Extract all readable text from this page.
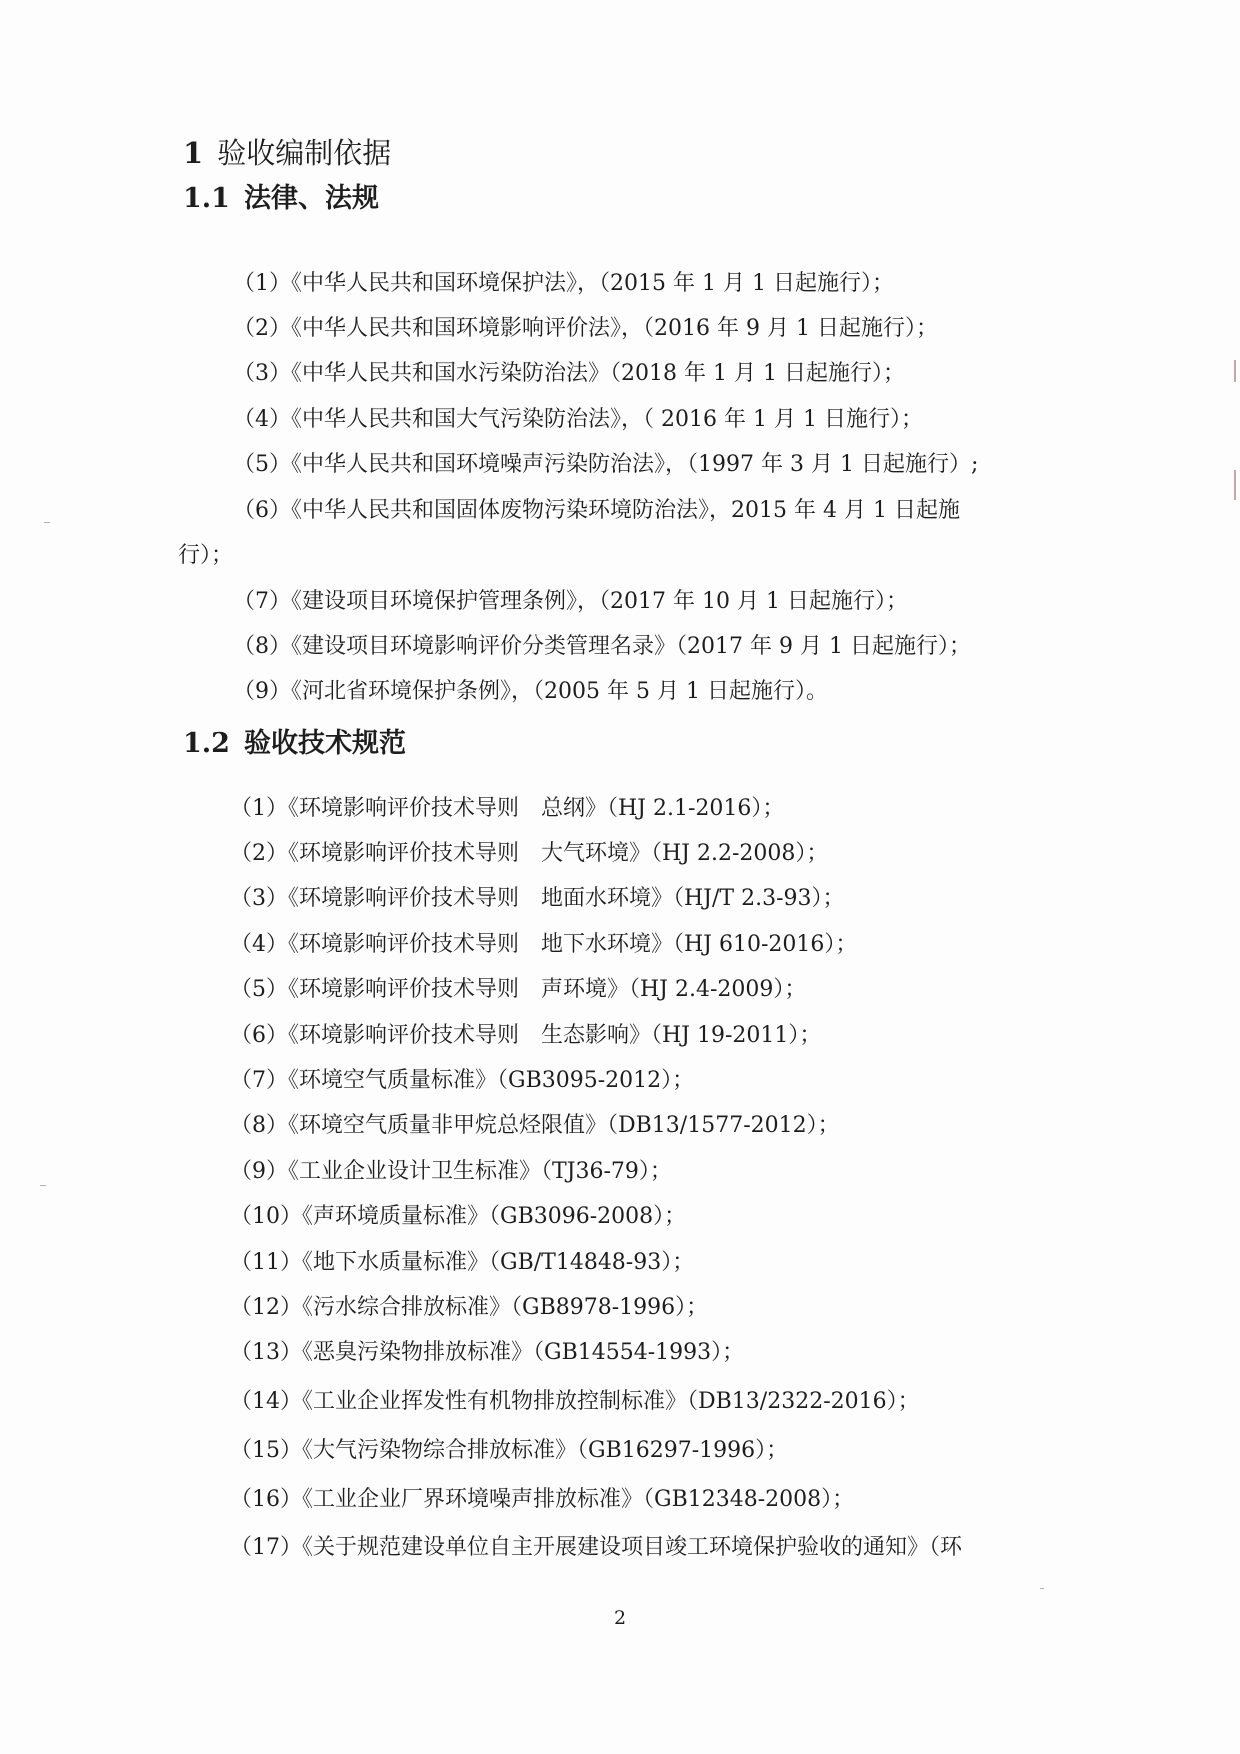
1 验收编制依据
1.1 法律、法规
（1）《中华人民共和国环境保护法》，（2015 年 1 月 1 日起施行）；
（2）《中华人民共和国环境影响评价法》，（2016 年 9 月 1 日起施行）；
（3）《中华人民共和国水污染防治法》（2018 年 1 月 1 日起施行）；
（4）《中华人民共和国大气污染防治法》，（ 2016 年 1 月 1 日施行）；
（5）《中华人民共和国环境噪声污染防治法》，（1997 年 3 月 1 日起施行）;
（6）《中华人民共和国固体废物污染环境防治法》，2015 年 4 月 1 日起施
行）；
（7）《建设项目环境保护管理条例》，（2017 年 10 月 1 日起施行）；
（8）《建设项目环境影响评价分类管理名录》（2017 年 9 月 1 日起施行）；
（9）《河北省环境保护条例》，（2005 年 5 月 1 日起施行）。
1.2 验收技术规范
（1）《环境影响评价技术导则　总纲》（HJ 2.1-2016）；
（2）《环境影响评价技术导则　大气环境》（HJ 2.2-2008）；
（3）《环境影响评价技术导则　地面水环境》（HJ/T 2.3-93）；
（4）《环境影响评价技术导则　地下水环境》（HJ 610-2016）；
（5）《环境影响评价技术导则　声环境》（HJ 2.4-2009）；
（6）《环境影响评价技术导则　生态影响》（HJ 19-2011）；
（7）《环境空气质量标准》（GB3095-2012）；
（8）《环境空气质量非甲烷总烃限值》（DB13/1577-2012）；
（9）《工业企业设计卫生标准》（TJ36-79）；
（10）《声环境质量标准》（GB3096-2008）；
（11）《地下水质量标准》（GB/T14848-93）；
（12）《污水综合排放标准》（GB8978-1996）；
（13）《恶臭污染物排放标准》（GB14554-1993）；
（14）《工业企业挥发性有机物排放控制标准》（DB13/2322-2016）；
（15）《大气污染物综合排放标准》（GB16297-1996）；
（16）《工业企业厂界环境噪声排放标准》（GB12348-2008）；
（17）《关于规范建设单位自主开展建设项目竣工环境保护验收的通知》（环
2
